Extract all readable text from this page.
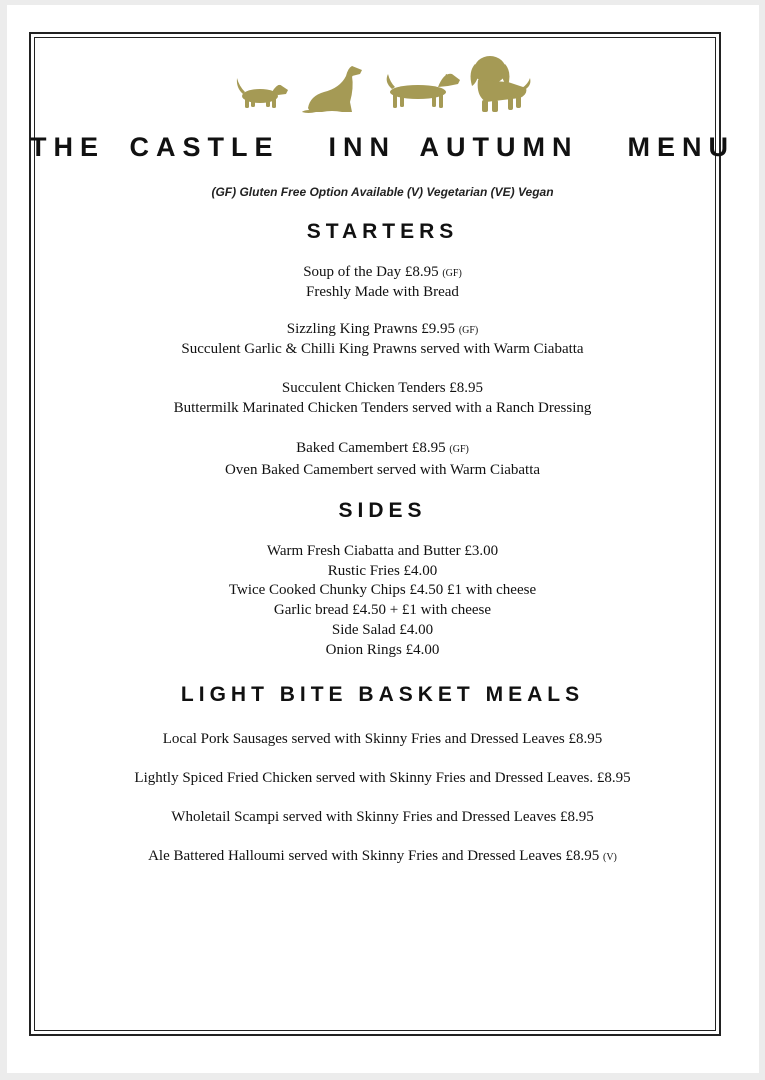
THE CASTLE  INN AUTUMN  MENU
(GF) Gluten Free Option Available (V) Vegetarian (VE) Vegan
STARTERS
Soup of the Day £8.95 (GF)
Freshly Made with Bread
Sizzling King Prawns £9.95 (GF)
Succulent Garlic & Chilli King Prawns served with Warm Ciabatta
Succulent Chicken Tenders £8.95
Buttermilk Marinated Chicken Tenders served with a Ranch Dressing
Baked Camembert £8.95 (GF)
Oven Baked Camembert served with Warm Ciabatta
SIDES
Warm Fresh Ciabatta and Butter £3.00
Rustic Fries £4.00
Twice Cooked Chunky Chips £4.50 £1 with cheese
Garlic bread £4.50 + £1 with cheese
Side Salad £4.00
Onion Rings £4.00
LIGHT BITE BASKET MEALS
Local Pork Sausages served with Skinny Fries and Dressed Leaves £8.95
Lightly Spiced Fried Chicken served with Skinny Fries and Dressed Leaves. £8.95
Wholetail Scampi served with Skinny Fries and Dressed Leaves £8.95
Ale Battered Halloumi served with Skinny Fries and Dressed Leaves £8.95 (V)
